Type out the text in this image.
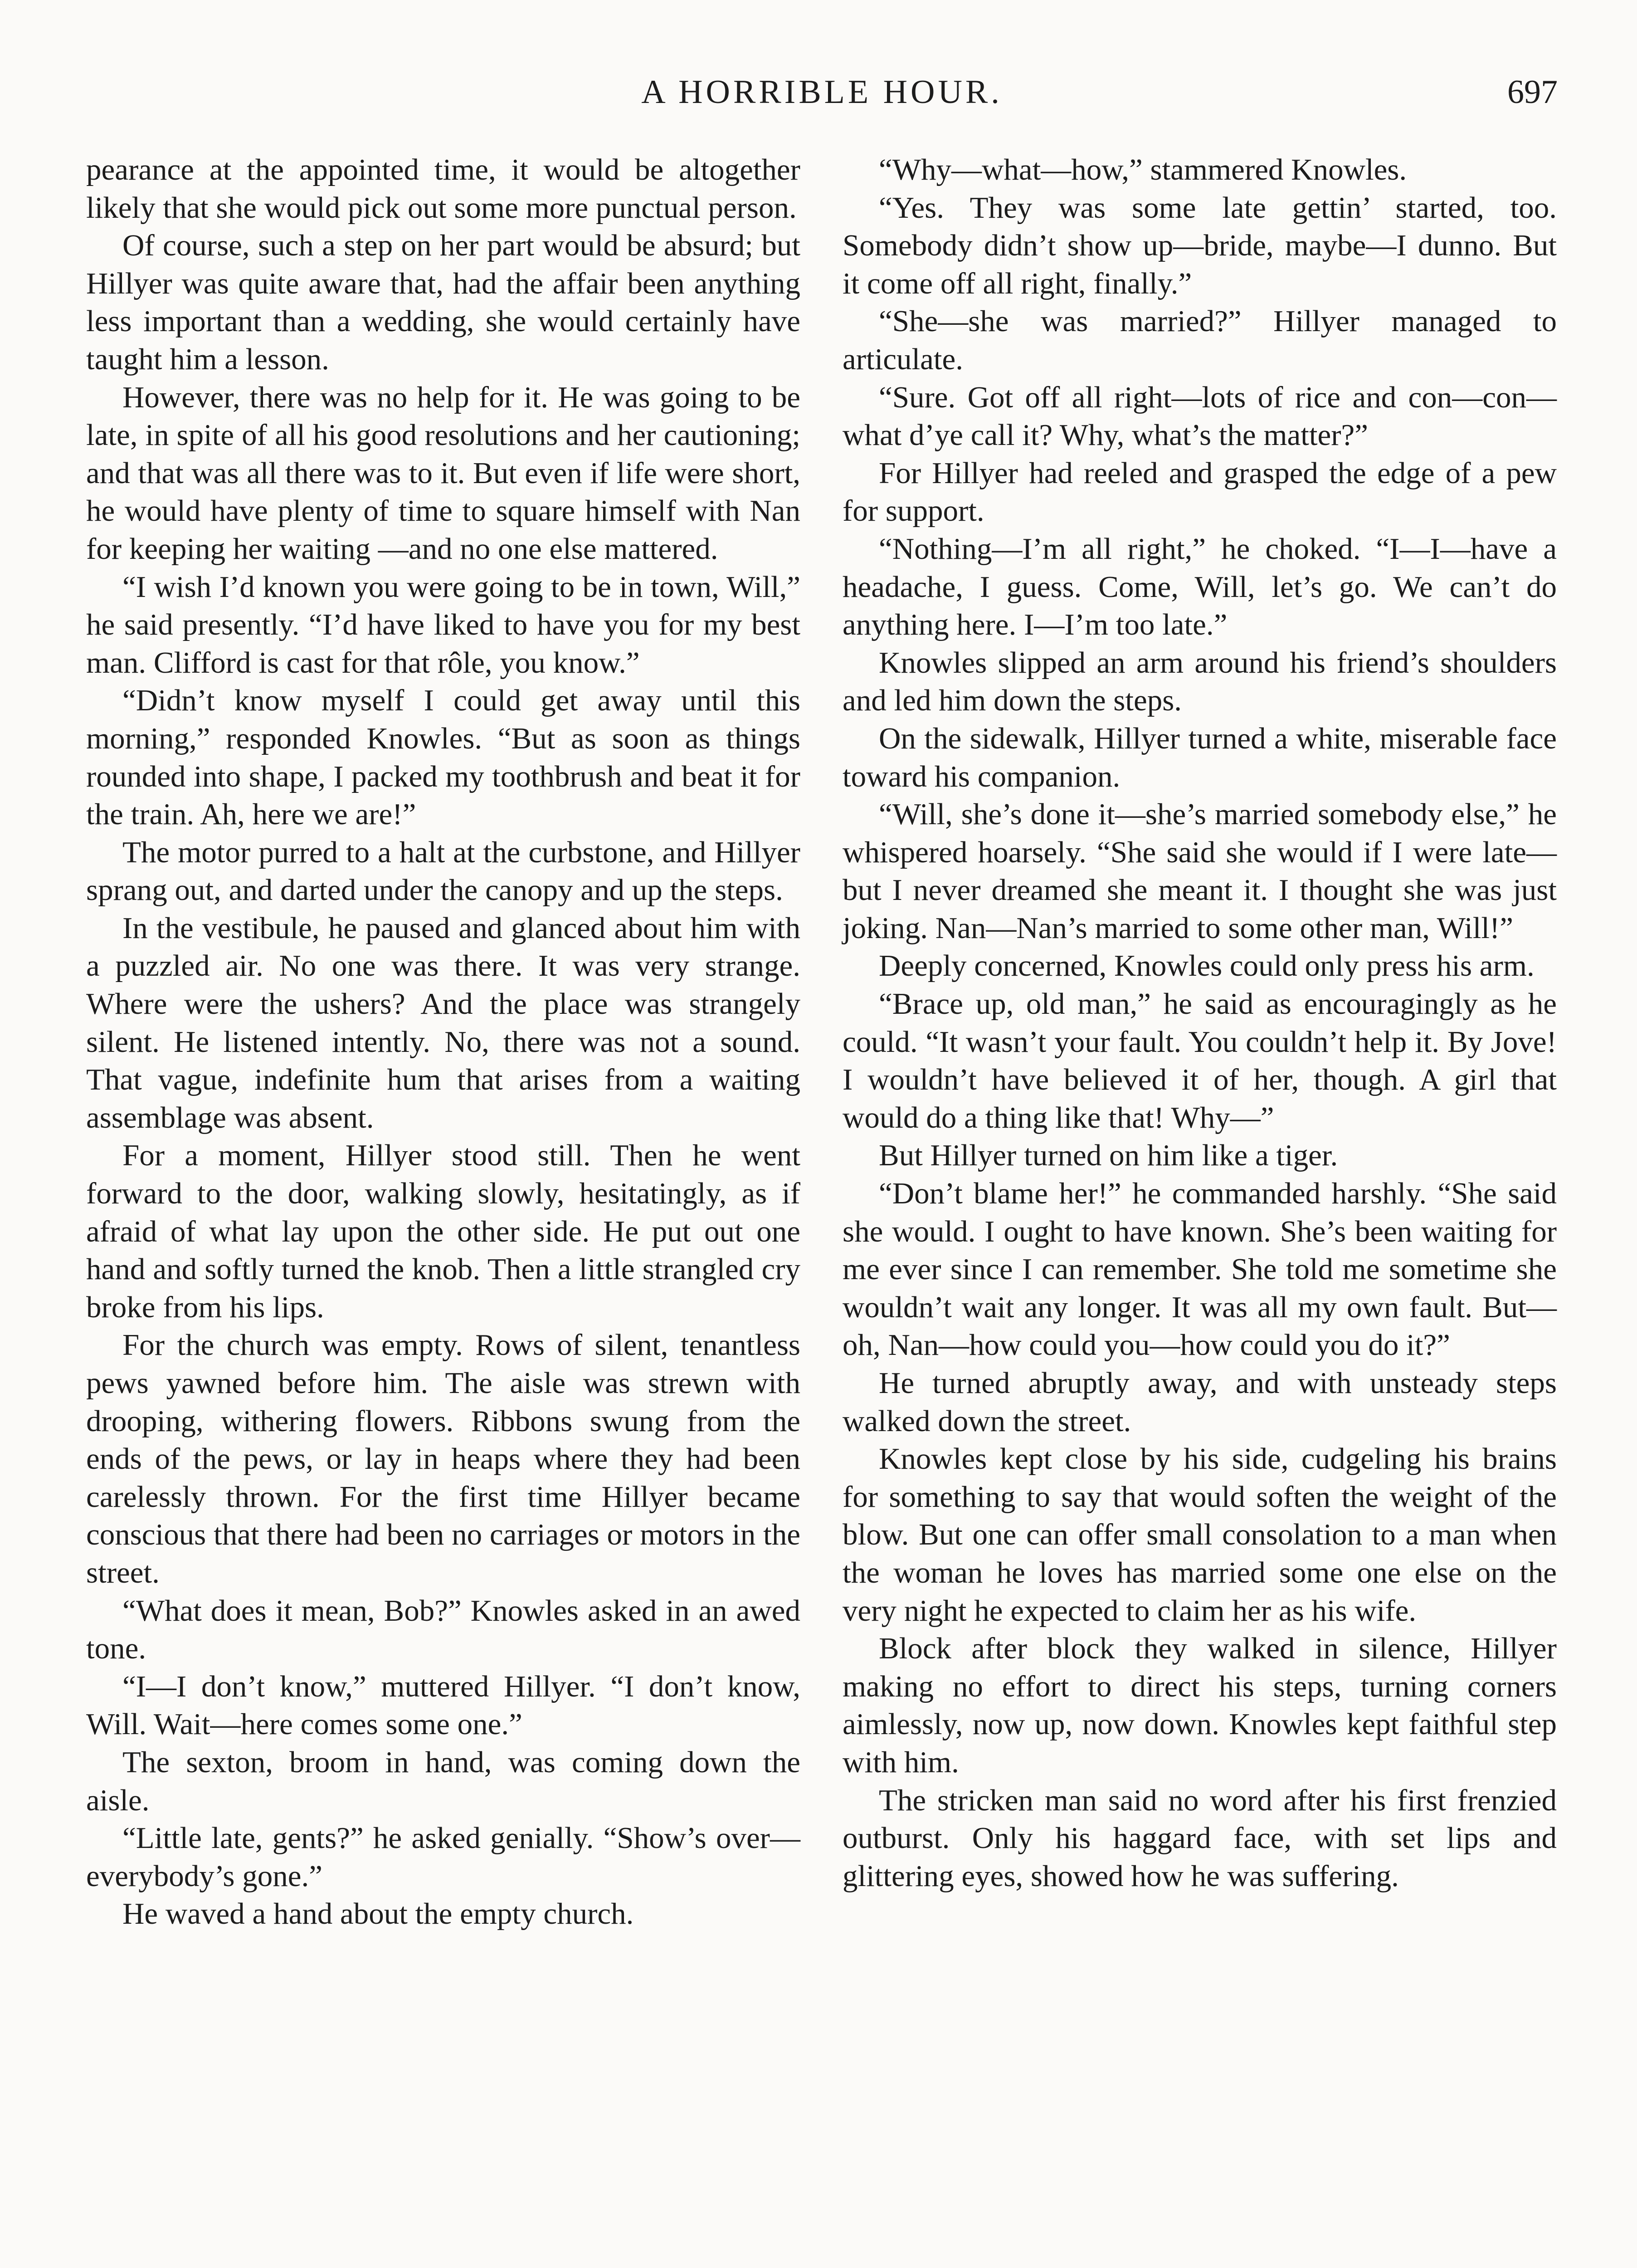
A HORRIBLE HOUR.	697

pearance at the appointed time, it would be altogether likely that she would pick out some more punctual person.

Of course, such a step on her part would be absurd; but Hillyer was quite aware that, had the affair been anything less important than a wedding, she would certainly have taught him a lesson.

However, there was no help for it. He was going to be late, in spite of all his good resolutions and her cautioning; and that was all there was to it. But even if life were short, he would have plenty of time to square himself with Nan for keeping her waiting —and no one else mattered.

“I wish I’d known you were going to be in town, Will,” he said presently. “I’d have liked to have you for my best man. Clifford is cast for that rôle, you know.”

“Didn’t know myself I could get away until this morning,” responded Knowles. “But as soon as things rounded into shape, I packed my toothbrush and beat it for the train. Ah, here we are!”

The motor purred to a halt at the curbstone, and Hillyer sprang out, and darted under the canopy and up the steps.

In the vestibule, he paused and glanced about him with a puzzled air. No one was there. It was very strange. Where were the ushers? And the place was strangely silent. He listened intently. No, there was not a sound. That vague, indefinite hum that arises from a waiting assemblage was absent.

For a moment, Hillyer stood still. Then he went forward to the door, walking slowly, hesitatingly, as if afraid of what lay upon the other side. He put out one hand and softly turned the knob. Then a little strangled cry broke from his lips.

For the church was empty. Rows of silent, tenantless pews yawned before him. The aisle was strewn with drooping, withering flowers. Ribbons swung from the ends of the pews, or lay in heaps where they had been carelessly thrown. For the first time Hillyer became conscious that there had been no carriages or motors in the street.

“What does it mean, Bob?” Knowles asked in an awed tone.

“I—I don’t know,” muttered Hillyer. “I don’t know, Will. Wait—here comes some one.”

The sexton, broom in hand, was coming down the aisle.

“Little late, gents?” he asked genially. “Show’s over—everybody’s gone.”

He waved a hand about the empty church.

“Why—what—how,” stammered Knowles.

“Yes. They was some late gettin’ started, too. Somebody didn’t show up—bride, maybe—I dunno. But it come off all right, finally.”

“She—she was married?” Hillyer managed to articulate.

“Sure. Got off all right—lots of rice and con—con—what d’ye call it? Why, what’s the matter?”

For Hillyer had reeled and grasped the edge of a pew for support.

“Nothing—I’m all right,” he choked. “I—I—have a headache, I guess. Come, Will, let’s go. We can’t do anything here. I—I’m too late.”

Knowles slipped an arm around his friend’s shoulders and led him down the steps.

On the sidewalk, Hillyer turned a white, miserable face toward his companion.

“Will, she’s done it—she’s married somebody else,” he whispered hoarsely. “She said she would if I were late—but I never dreamed she meant it. I thought she was just joking. Nan—Nan’s married to some other man, Will!”

Deeply concerned, Knowles could only press his arm.

“Brace up, old man,” he said as encouragingly as he could. “It wasn’t your fault. You couldn’t help it. By Jove! I wouldn’t have believed it of her, though. A girl that would do a thing like that! Why—”

But Hillyer turned on him like a tiger.

“Don’t blame her!” he commanded harshly. “She said she would. I ought to have known. She’s been waiting for me ever since I can remember. She told me sometime she wouldn’t wait any longer. It was all my own fault. But—oh, Nan—how could you—how could you do it?”

He turned abruptly away, and with unsteady steps walked down the street.

Knowles kept close by his side, cudgeling his brains for something to say that would soften the weight of the blow. But one can offer small consolation to a man when the woman he loves has married some one else on the very night he expected to claim her as his wife.

Block after block they walked in silence, Hillyer making no effort to direct his steps, turning corners aimlessly, now up, now down. Knowles kept faithful step with him.

The stricken man said no word after his first frenzied outburst. Only his haggard face, with set lips and glittering eyes, showed how he was suffering.
